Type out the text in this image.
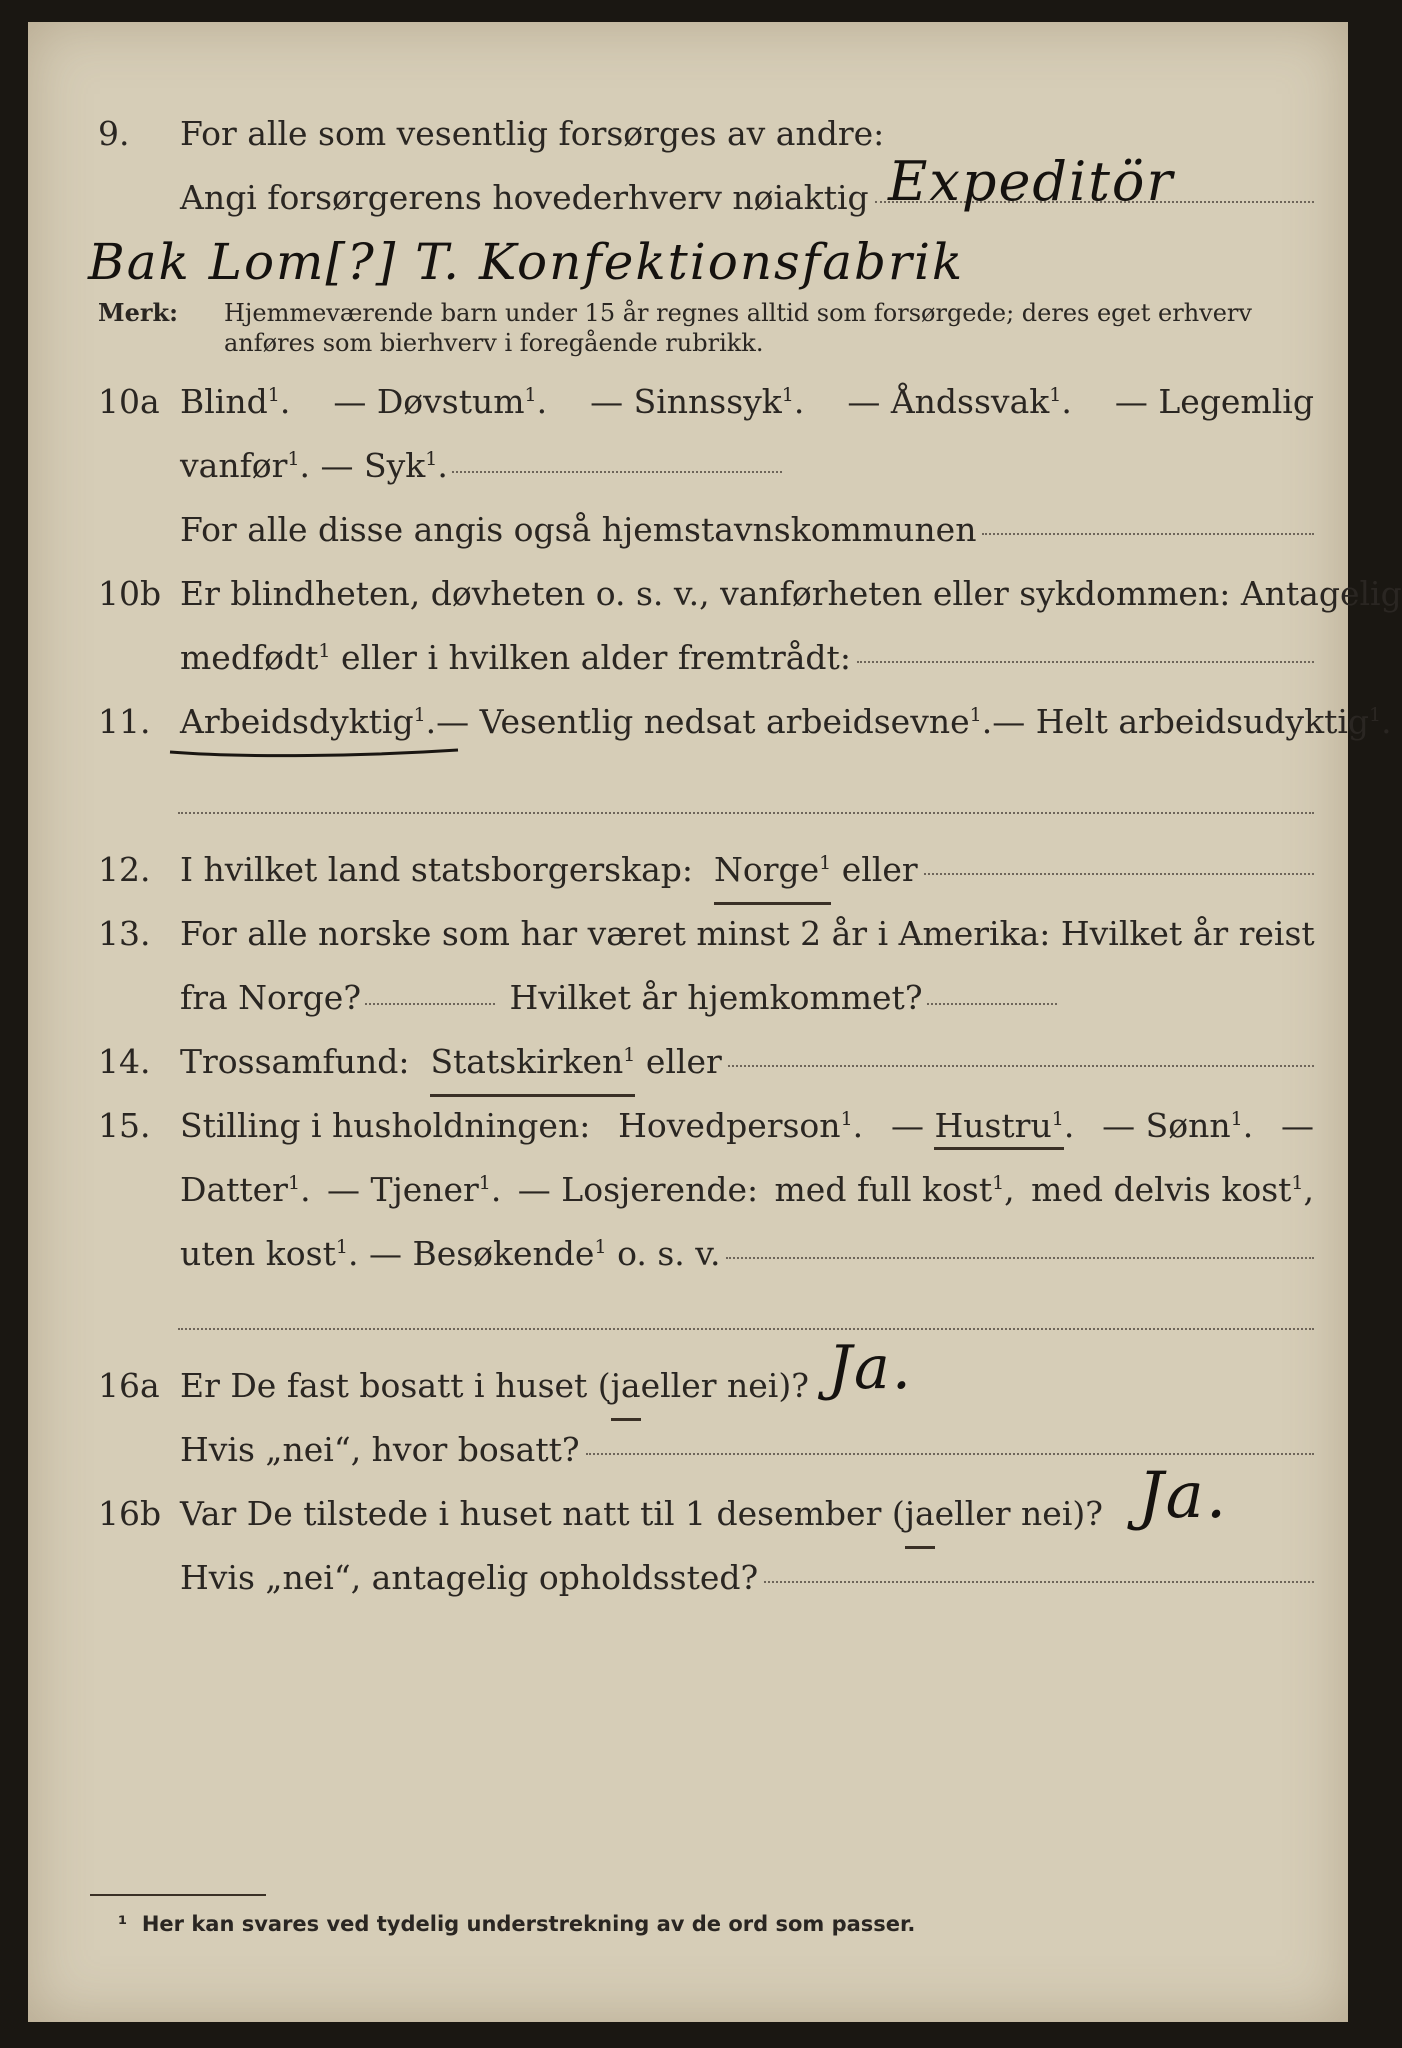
9.	For alle som vesentlig forsørges av andre:
Angi forsørgerens hovederhverv nøiaktig Expeditör
Bak Lom[?] T. Konfektionsfabrik
Merk: Hjemmeværende barn under 15 år regnes alltid som forsørgede; deres eget erhverv
anføres som bierhverv i foregående rubrikk.
10a Blind$^1$. — Døvstum$^1$. — Sinnssyk$^1$. — Åndssvak$^1$. — Legemlig
vanfør$^1$.
— Syk$^1$.
For alle disse angis også hjemstavnskommunen
10b Er blindheten, døvheten o. s. v., vanførheten eller sykdommen: Antagelig
medfødt$^1$
eller i hvilken alder fremtrådt:
11. Arbeidsdyktig$^1$. — Vesentlig nedsat arbeidsevne$^1$. — Helt arbeidsudyktig$^1$.
12. I hvilket land statsborgerskap:
Norge$^1$
eller
13. For alle norske som har været minst 2 år i Amerika: Hvilket år reist
fra Norge?
	Hvilket år hjemkommet?
14. Trossamfund:
Statskirken$^1$
eller
15. Stilling i husholdningen: Hovedperson$^1$. — Hustru$^1$. — Sønn$^1$. —
Datter$^1$. — Tjener$^1$. — Losjerende: med full kost$^1$, med delvis kost$^1$,
uten kost$^1$.
— Besøkende$^1$
o. s. v.
16a Er De fast bosatt i huset ( ja eller nei)? Ja.
Hvis „nei“, hvor bosatt?
16b Var De tilstede i huset natt til 1 desember ( ja eller nei)? Ja.
Hvis „nei“, antagelig opholdssted?
¹ Her kan svares ved tydelig understrekning av de ord som passer.
